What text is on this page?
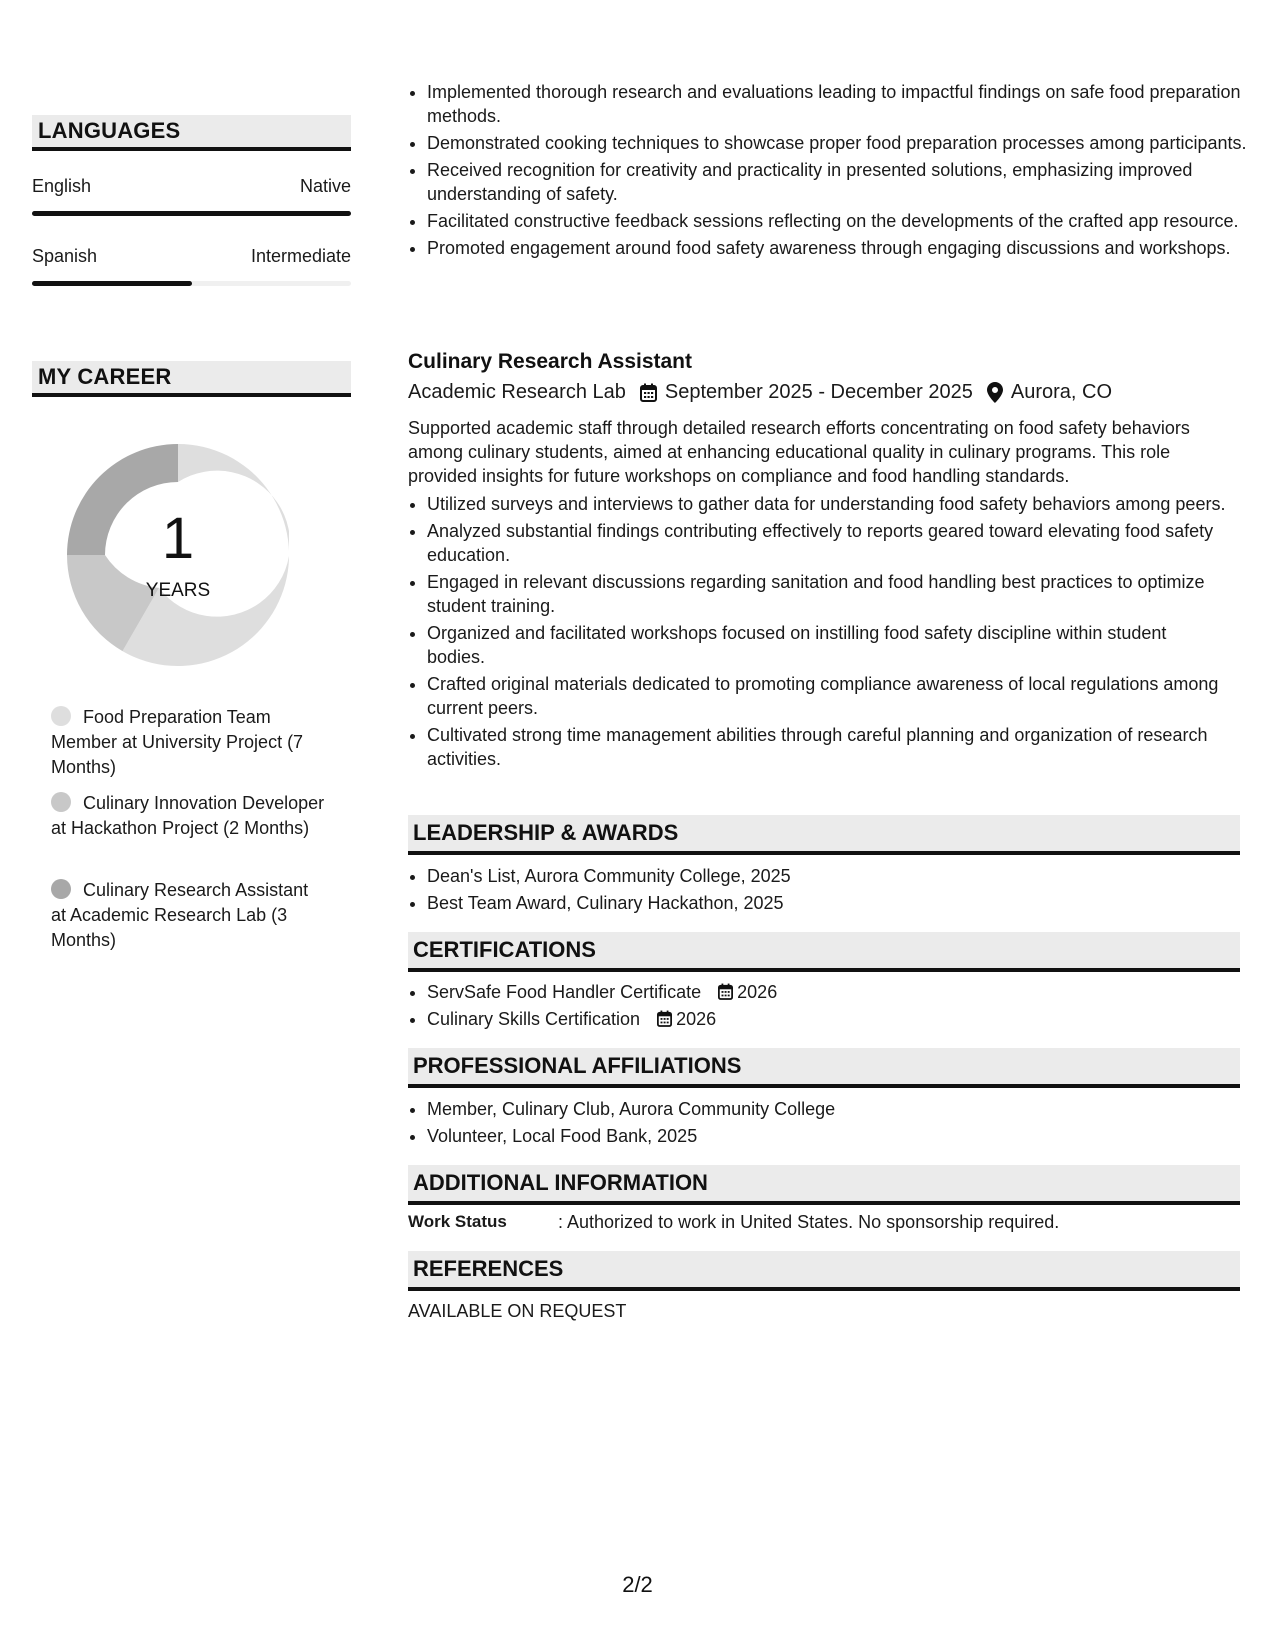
LANGUAGES
English	Native
Spanish	Intermediate
MY CAREER
1
YEARS
Food Preparation Team Member at University Project (7 Months)
Culinary Innovation Developer at Hackathon Project (2 Months)
Culinary Research Assistant at Academic Research Lab (3 Months)
• Implemented thorough research and evaluations leading to impactful findings on safe food preparation methods.
• Demonstrated cooking techniques to showcase proper food preparation processes among participants.
• Received recognition for creativity and practicality in presented solutions, emphasizing improved understanding of safety.
• Facilitated constructive feedback sessions reflecting on the developments of the crafted app resource.
• Promoted engagement around food safety awareness through engaging discussions and workshops.
Culinary Research Assistant
Academic Research Lab September 2025 - December 2025 Aurora, CO
Supported academic staff through detailed research efforts concentrating on food safety behaviors among culinary students, aimed at enhancing educational quality in culinary programs. This role provided insights for future workshops on compliance and food handling standards.
• Utilized surveys and interviews to gather data for understanding food safety behaviors among peers.
• Analyzed substantial findings contributing effectively to reports geared toward elevating food safety education.
• Engaged in relevant discussions regarding sanitation and food handling best practices to optimize student training.
• Organized and facilitated workshops focused on instilling food safety discipline within student bodies.
• Crafted original materials dedicated to promoting compliance awareness of local regulations among current peers.
• Cultivated strong time management abilities through careful planning and organization of research activities.
LEADERSHIP & AWARDS
• Dean's List, Aurora Community College, 2025
• Best Team Award, Culinary Hackathon, 2025
CERTIFICATIONS
• ServSafe Food Handler Certificate 2026
• Culinary Skills Certification 2026
PROFESSIONAL AFFILIATIONS
• Member, Culinary Club, Aurora Community College
• Volunteer, Local Food Bank, 2025
ADDITIONAL INFORMATION
Work Status	: Authorized to work in United States. No sponsorship required.
REFERENCES
AVAILABLE ON REQUEST
2/2
